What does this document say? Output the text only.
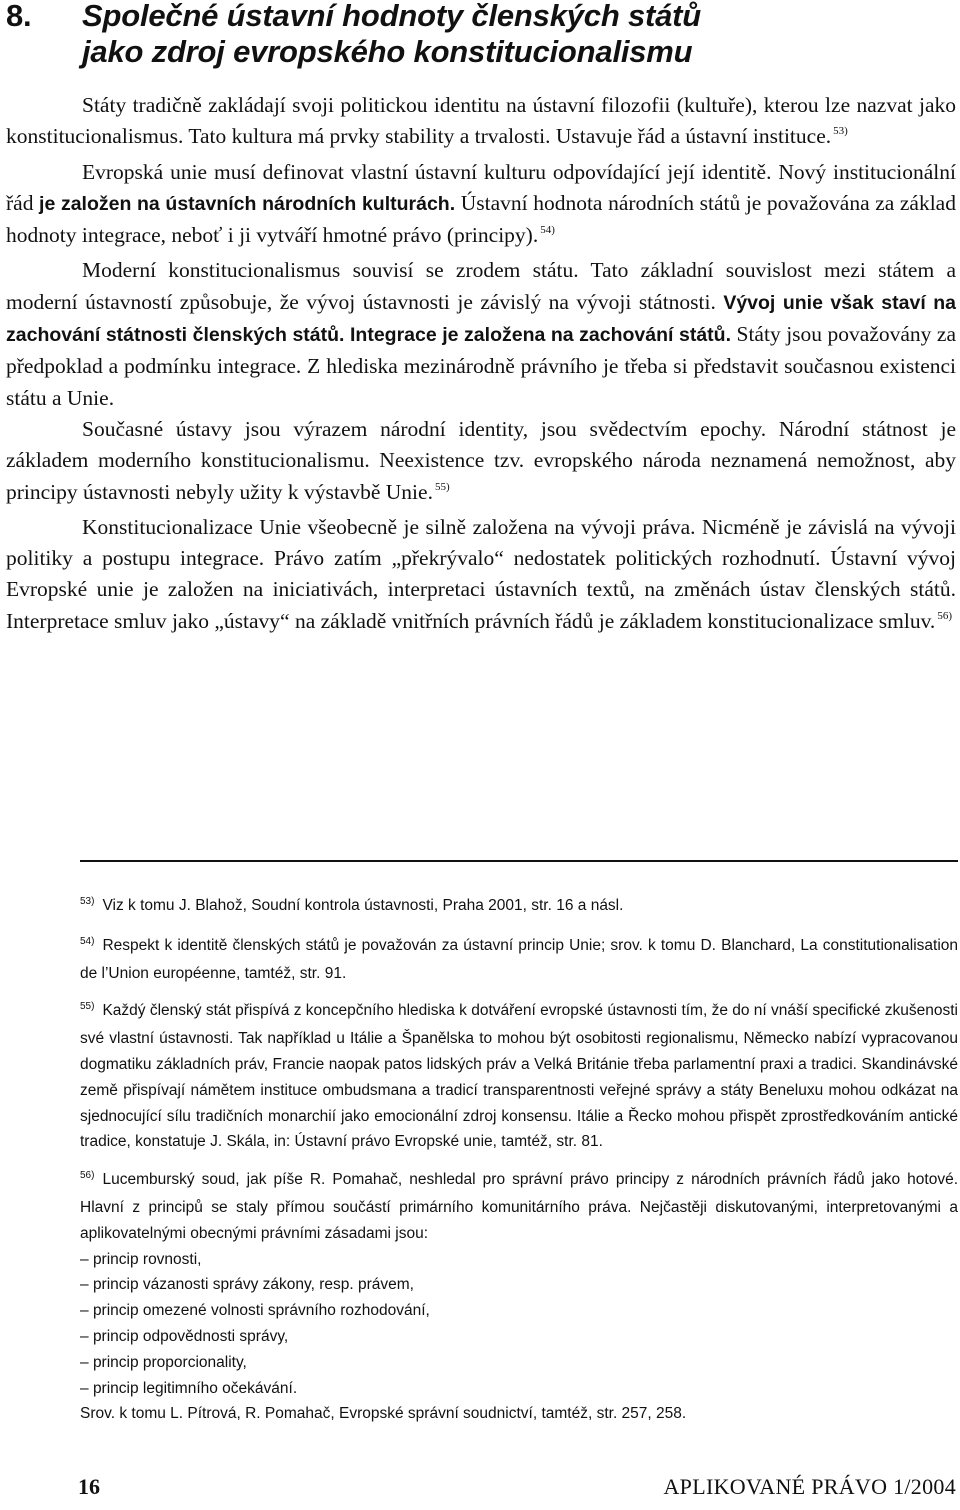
8. Společné ústavní hodnoty členských států
jako zdroj evropského konstitucionalismu

Státy tradičně zakládají svoji politickou identitu na ústavní filozofii (kultuře), kterou lze nazvat jako konstitucionalismus. Tato kultura má prvky stability a trvalosti. Ustavuje řád a ústavní instituce. $^{53)}$

Evropská unie musí definovat vlastní ústavní kulturu odpovídající její identitě. Nový institucionální řád je založen na ústavních národních kulturách. Ústavní hodnota národních států je považována za základ hodnoty integrace, neboť i ji vytváří hmotné právo (principy). $^{54)}$

Moderní konstitucionalismus souvisí se zrodem státu. Tato základní souvislost mezi státem a moderní ústavností způsobuje, že vývoj ústavnosti je závislý na vývoji státnosti. Vývoj unie však staví na zachování státnosti členských států. Integrace je založena na zachování států. Státy jsou považovány za předpoklad a podmínku integrace. Z hlediska mezinárodně právního je třeba si představit současnou existenci státu a Unie.

Současné ústavy jsou výrazem národní identity, jsou svědectvím epochy. Národní státnost je základem moderního konstitucionalismu. Neexistence tzv. evropského národa neznamená nemožnost, aby principy ústavnosti nebyly užity k výstavbě Unie. $^{55)}$

Konstitucionalizace Unie všeobecně je silně založena na vývoji práva. Nicméně je závislá na vývoji politiky a postupu integrace. Právo zatím „překrývalo“ nedostatek politických rozhodnutí. Ústavní vývoj Evropské unie je založen na iniciativách, interpretaci ústavních textů, na změnách ústav členských států. Interpretace smluv jako „ústavy“ na základě vnitřních právních řádů je základem konstitucionalizace smluv. $^{56)}$

$^{53)}$ Viz k tomu J. Blahož, Soudní kontrola ústavnosti, Praha 2001, str. 16 a násl.
$^{54)}$ Respekt k identitě členských států je považován za ústavní princip Unie; srov. k tomu D. Blanchard, La constitutionalisation de l’Union européenne, tamtéž, str. 91.
$^{55)}$ Každý členský stát přispívá z koncepčního hlediska k dotváření evropské ústavnosti tím, že do ní vnáší specifické zkušenosti své vlastní ústavnosti. Tak například u Itálie a Španělska to mohou být osobitosti regionalismu, Německo nabízí vypracovanou dogmatiku základních práv, Francie naopak patos lidských práv a Velká Británie třeba parlamentní praxi a tradici. Skandinávské země přispívají námětem instituce ombudsmana a tradicí transparentnosti veřejné správy a státy Beneluxu mohou odkázat na sjednocující sílu tradičních monarchií jako emocionální zdroj konsensu. Itálie a Řecko mohou přispět zprostředkováním antické tradice, konstatuje J. Skála, in: Ústavní právo Evropské unie, tamtéž, str. 81.
$^{56)}$ Lucemburský soud, jak píše R. Pomahač, neshledal pro správní právo principy z národních právních řádů jako hotové. Hlavní z principů se staly přímou součástí primárního komunitárního práva. Nejčastěji diskutovanými, interpretovanými a aplikovatelnými obecnými právními zásadami jsou:
– princip rovnosti,
– princip vázanosti správy zákony, resp. právem,
– princip omezené volnosti správního rozhodování,
– princip odpovědnosti správy,
– princip proporcionality,
– princip legitimního očekávání.
Srov. k tomu L. Pítrová, R. Pomahač, Evropské správní soudnictví, tamtéž, str. 257, 258.
16	APLIKOVANÉ PRÁVO 1/2004
